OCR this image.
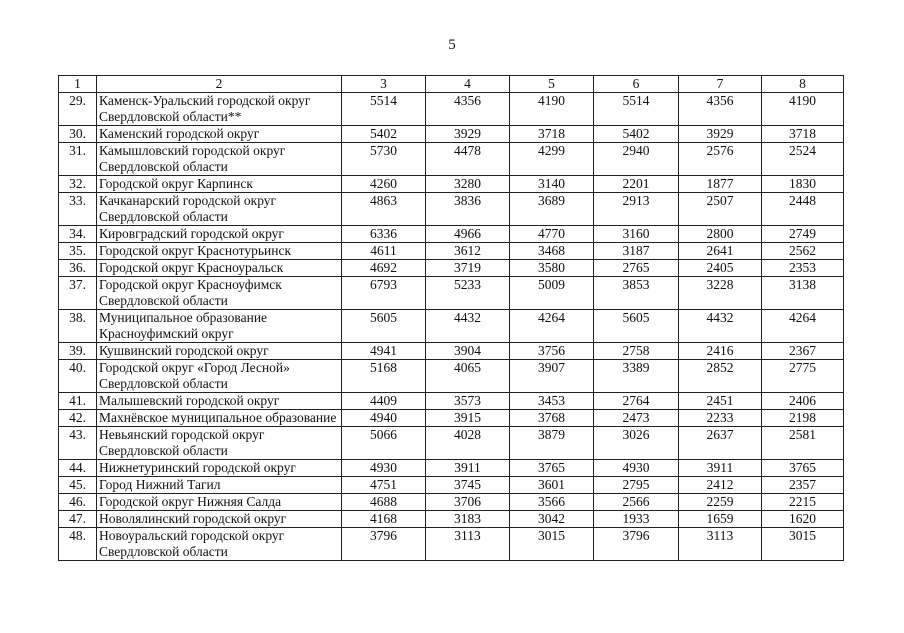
5
1	2	3	4	5	6	7	8
29.	Каменск-Уральский городской округ Свердловской области**	5514	4356	4190	5514	4356	4190
30.	Каменский городской округ	5402	3929	3718	5402	3929	3718
31.	Камышловский городской округ Свердловской области	5730	4478	4299	2940	2576	2524
32.	Городской округ Карпинск	4260	3280	3140	2201	1877	1830
33.	Качканарский городской округ Свердловской области	4863	3836	3689	2913	2507	2448
34.	Кировградский городской округ	6336	4966	4770	3160	2800	2749
35.	Городской округ Краснотурьинск	4611	3612	3468	3187	2641	2562
36.	Городской округ Красноуральск	4692	3719	3580	2765	2405	2353
37.	Городской округ Красноуфимск Свердловской области	6793	5233	5009	3853	3228	3138
38.	Муниципальное образование Красноуфимский округ	5605	4432	4264	5605	4432	4264
39.	Кушвинский городской округ	4941	3904	3756	2758	2416	2367
40.	Городской округ «Город Лесной» Свердловской области	5168	4065	3907	3389	2852	2775
41.	Малышевский городской округ	4409	3573	3453	2764	2451	2406
42.	Махнёвское муниципальное образование	4940	3915	3768	2473	2233	2198
43.	Невьянский городской округ Свердловской области	5066	4028	3879	3026	2637	2581
44.	Нижнетуринский городской округ	4930	3911	3765	4930	3911	3765
45.	Город Нижний Тагил	4751	3745	3601	2795	2412	2357
46.	Городской округ Нижняя Салда	4688	3706	3566	2566	2259	2215
47.	Новолялинский городской округ	4168	3183	3042	1933	1659	1620
48.	Новоуральский городской округ Свердловской области	3796	3113	3015	3796	3113	3015
